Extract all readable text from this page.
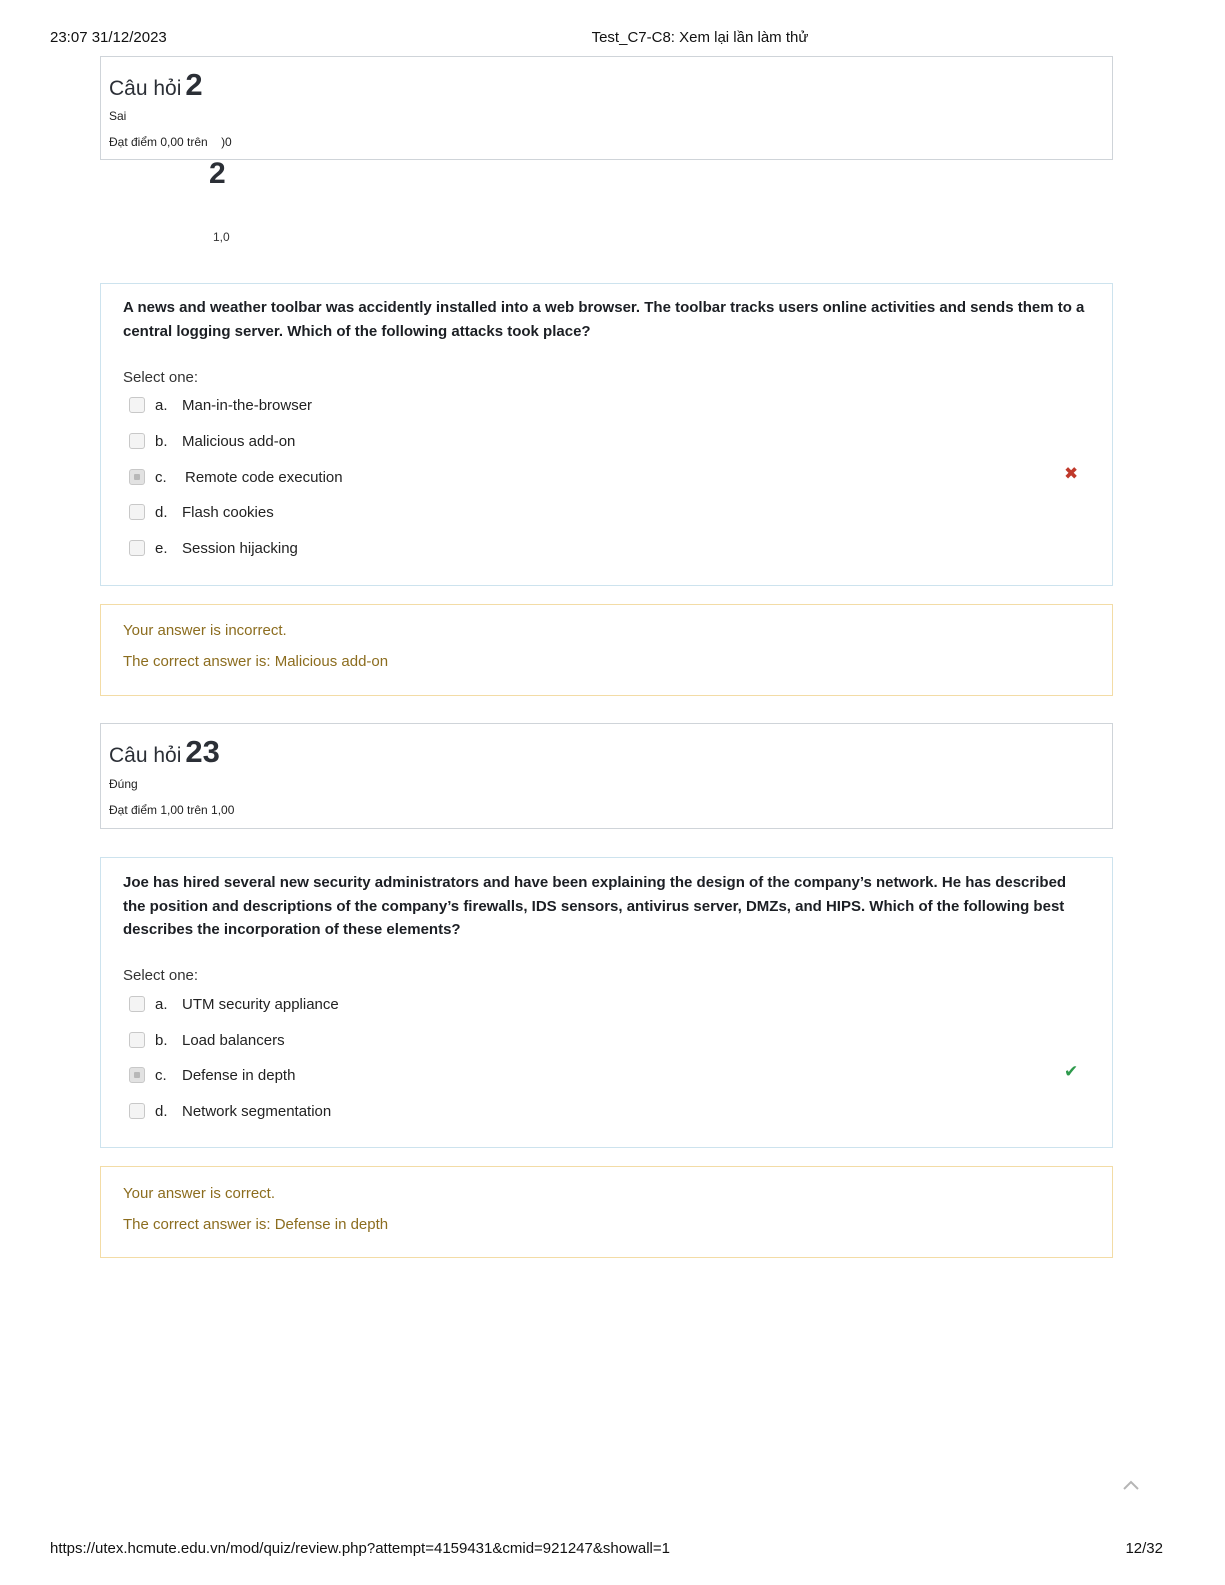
23:07 31/12/2023	Test_C7-C8: Xem lại lần làm thử
Câu hỏi 2
Sai
Đạt điểm 0,00 trên )0
2
1,0
A news and weather toolbar was accidently installed into a web browser. The toolbar tracks users online activities and sends them to a central logging server. Which of the following attacks took place?
Select one:
a. Man-in-the-browser
b. Malicious add-on
c.	Remote code execution
d. Flash cookies
e. Session hijacking
✖
Your answer is incorrect.
The correct answer is: Malicious add-on
Câu hỏi 23
Đúng
Đạt điểm 1,00 trên 1,00
Joe has hired several new security administrators and have been explaining the design of the company’s network. He has described the position and descriptions of the company’s firewalls, IDS sensors, antivirus server, DMZs, and HIPS. Which of the following best describes the incorporation of these elements?
Select one:
a. UTM security appliance
b. Load balancers
c.	Defense in depth
d. Network segmentation
✔
Your answer is correct.
The correct answer is: Defense in depth
https://utex.hcmute.edu.vn/mod/quiz/review.php?attempt=4159431&cmid=921247&showall=1	12/32
